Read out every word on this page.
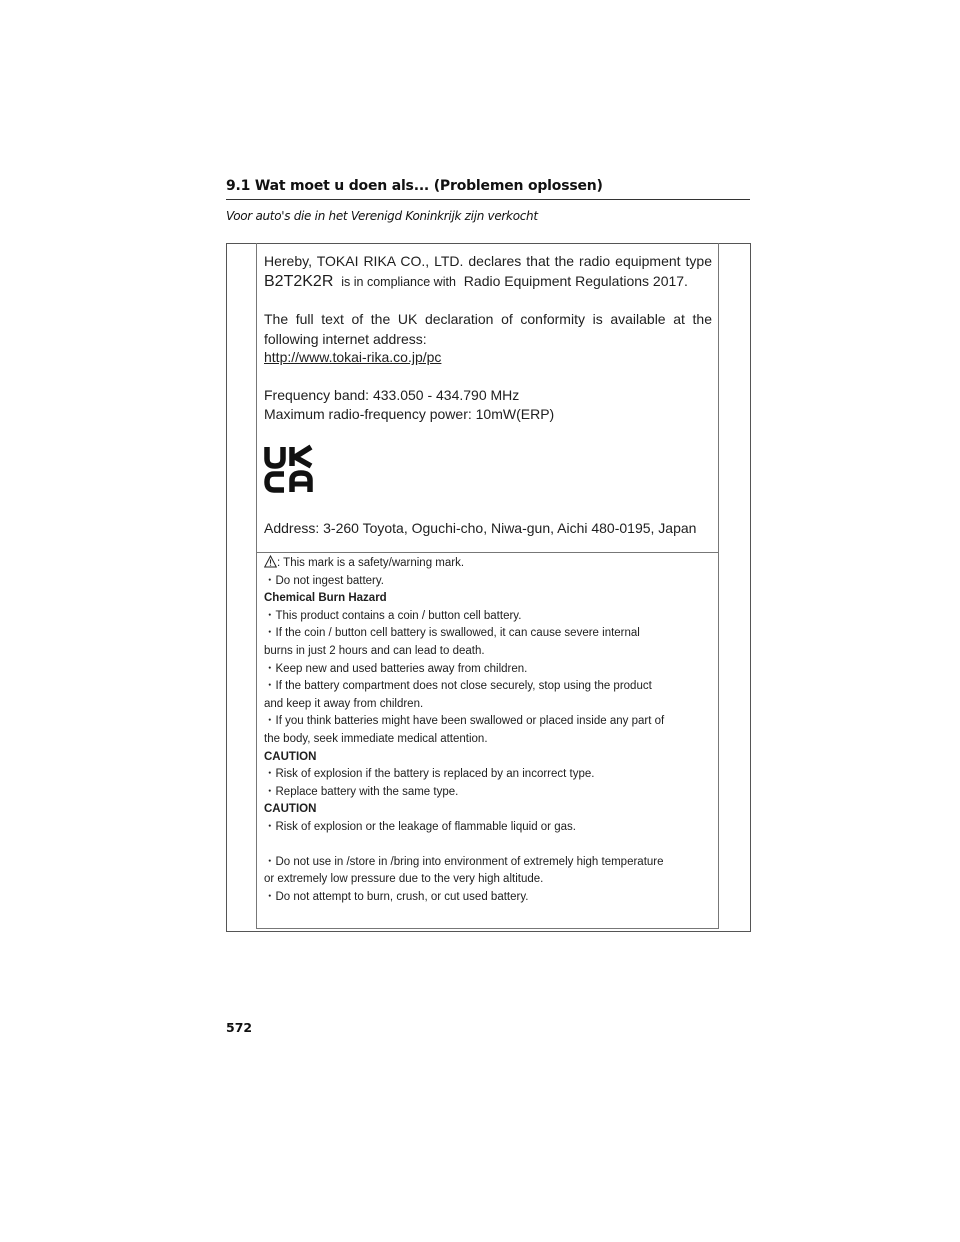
9.1 Wat moet u doen als... (Problemen oplossen)
Voor auto's die in het Verenigd Koninkrijk zijn verkocht
Hereby, TOKAI RIKA CO., LTD. declares that the radio equipment type
B2T2K2R is in compliance with Radio Equipment Regulations 2017.
The full text of the UK declaration of conformity is available at the
following internet address:
http://www.tokai-rika.co.jp/pc
Frequency band: 433.050 - 434.790 MHz
Maximum radio-frequency power: 10mW(ERP)
Address: 3-260 Toyota, Oguchi-cho, Niwa-gun, Aichi 480-0195, Japan
: This mark is a safety/warning mark.
・Do not ingest battery.
Chemical Burn Hazard
・This product contains a coin / button cell battery.
・If the coin / button cell battery is swallowed, it can cause severe internal
burns in just 2 hours and can lead to death.
・Keep new and used batteries away from children.
・If the battery compartment does not close securely, stop using the product
and keep it away from children.
・If you think batteries might have been swallowed or placed inside any part of
the body, seek immediate medical attention.
CAUTION
・Risk of explosion if the battery is replaced by an incorrect type.
・Replace battery with the same type.
CAUTION
・Risk of explosion or the leakage of flammable liquid or gas.
・Do not use in /store in /bring into environment of extremely high temperature
or extremely low pressure due to the very high altitude.
・Do not attempt to burn, crush, or cut used battery.
572
